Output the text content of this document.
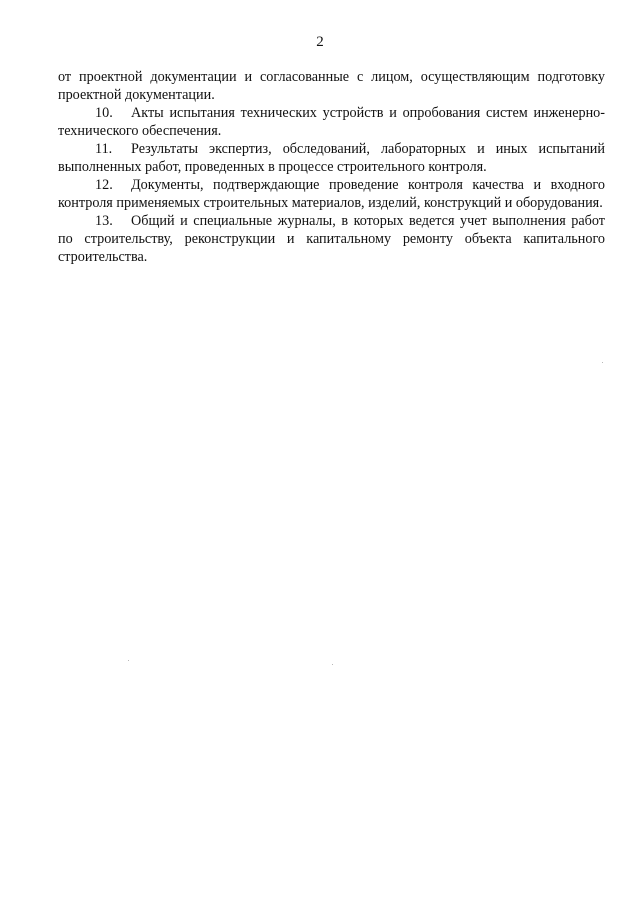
2

от проектной документации и согласованные с лицом, осуществляющим подготовку проектной документации.

10. Акты испытания технических устройств и опробования систем инженерно-технического обеспечения.

11. Результаты экспертиз, обследований, лабораторных и иных испытаний выполненных работ, проведенных в процессе строительного контроля.

12. Документы, подтверждающие проведение контроля качества и входного контроля применяемых строительных материалов, изделий, конструкций и оборудования.

13. Общий и специальные журналы, в которых ведется учет выполнения работ по строительству, реконструкции и капитальному ремонту объекта капитального строительства.
